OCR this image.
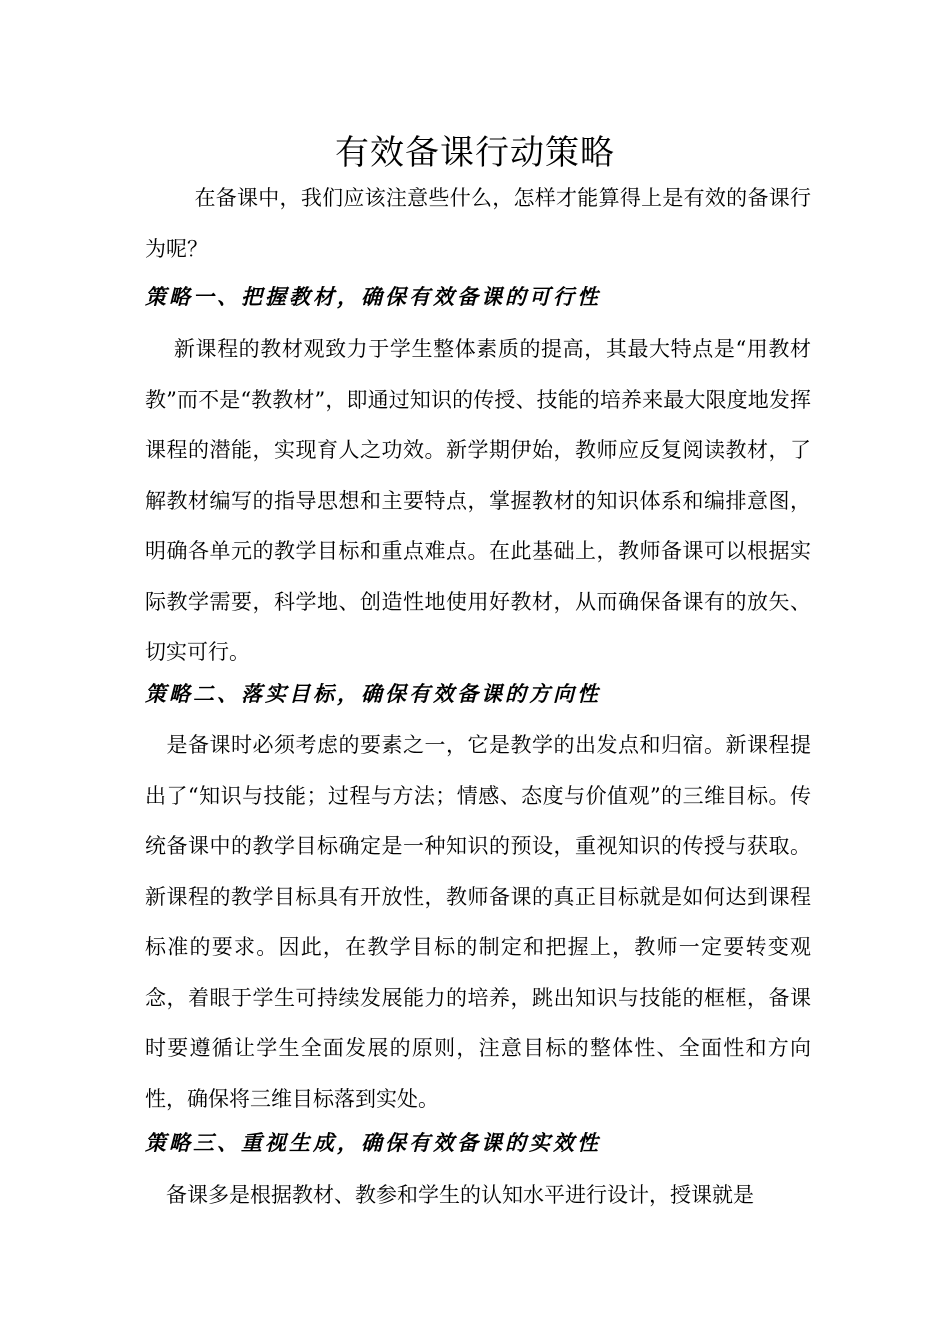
有效备课行动策略

　　 在备课中，我们应该注意些什么，怎样才能算得上是有效的备课行为呢？

策略一、把握教材，确保有效备课的可行性

　 新课程的教材观致力于学生整体素质的提高，其最大特点是“用教材教”而不是“教教材”，即通过知识的传授、技能的培养来最大限度地发挥课程的潜能，实现育人之功效。新学期伊始，教师应反复阅读教材，了解教材编写的指导思想和主要特点，掌握教材的知识体系和编排意图，明确各单元的教学目标和重点难点。在此基础上，教师备课可以根据实际教学需要，科学地、创造性地使用好教材，从而确保备课有的放矢、切实可行。

策略二、落实目标，确保有效备课的方向性

　是备课时必须考虑的要素之一，它是教学的出发点和归宿。新课程提出了“知识与技能；过程与方法；情感、态度与价值观”的三维目标。传统备课中的教学目标确定是一种知识的预设，重视知识的传授与获取。新课程的教学目标具有开放性，教师备课的真正目标就是如何达到课程标准的要求。因此，在教学目标的制定和把握上，教师一定要转变观念，着眼于学生可持续发展能力的培养，跳出知识与技能的框框，备课时要遵循让学生全面发展的原则，注意目标的整体性、全面性和方向性，确保将三维目标落到实处。

策略三、重视生成，确保有效备课的实效性

　备课多是根据教材、教参和学生的认知水平进行设计，授课就是
